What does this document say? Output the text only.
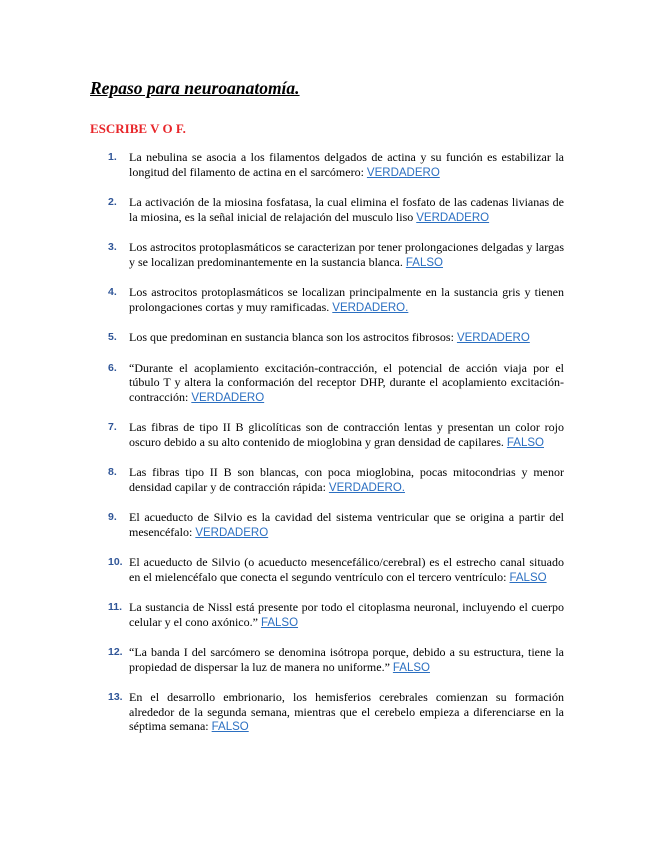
Repaso para neuroanatomía.
ESCRIBE V O F.
1. La nebulina se asocia a los filamentos delgados de actina y su función es estabilizar la longitud del filamento de actina en el sarcómero: VERDADERO
2. La activación de la miosina fosfatasa, la cual elimina el fosfato de las cadenas livianas de la miosina, es la señal inicial de relajación del musculo liso VERDADERO
3. Los astrocitos protoplasmáticos se caracterizan por tener prolongaciones delgadas y largas y se localizan predominantemente en la sustancia blanca. FALSO
4. Los astrocitos protoplasmáticos se localizan principalmente en la sustancia gris y tienen prolongaciones cortas y muy ramificadas. VERDADERO.
5. Los que predominan en sustancia blanca son los astrocitos fibrosos: VERDADERO
6. “Durante el acoplamiento excitación-contracción, el potencial de acción viaja por el túbulo T y altera la conformación del receptor DHP, durante el acoplamiento excitación-contracción: VERDADERO
7. Las fibras de tipo II B glicolíticas son de contracción lentas y presentan un color rojo oscuro debido a su alto contenido de mioglobina y gran densidad de capilares. FALSO
8. Las fibras tipo II B son blancas, con poca mioglobina, pocas mitocondrias y menor densidad capilar y de contracción rápida: VERDADERO.
9. El acueducto de Silvio es la cavidad del sistema ventricular que se origina a partir del mesencéfalo: VERDADERO
10. El acueducto de Silvio (o acueducto mesencefálico/cerebral) es el estrecho canal situado en el mielencéfalo que conecta el segundo ventrículo con el tercero ventrículo: FALSO
11. La sustancia de Nissl está presente por todo el citoplasma neuronal, incluyendo el cuerpo celular y el cono axónico.” FALSO
12. “La banda I del sarcómero se denomina isótropa porque, debido a su estructura, tiene la propiedad de dispersar la luz de manera no uniforme.” FALSO
13. En el desarrollo embrionario, los hemisferios cerebrales comienzan su formación alrededor de la segunda semana, mientras que el cerebelo empieza a diferenciarse en la séptima semana: FALSO
